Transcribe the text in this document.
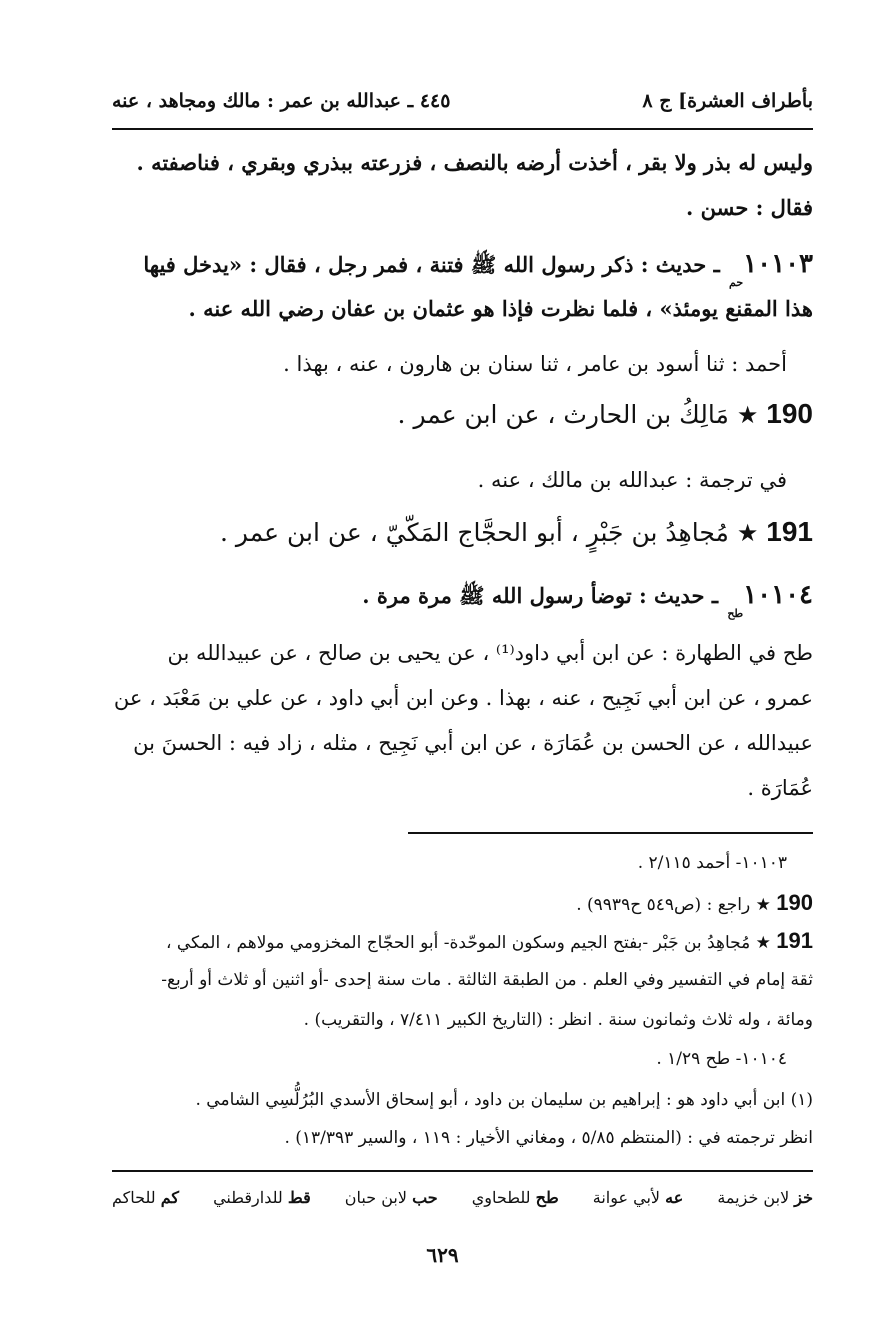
بأطراف العشرة] ج ٨
٤٤٥ ـ عبدالله بن عمر : مالك ومجاهد ، عنه
وليس له بذر ولا بقر ، أخذت أرضه بالنصف ، فزرعته ببذري وبقري ، فناصفته .
فقال : حسن .
١٠١٠٣حم ـ حديث : ذكر رسول الله ﷺ فتنة ، فمر رجل ، فقال : «يدخل فيها
هذا المقنع يومئذ» ، فلما نظرت فإذا هو عثمان بن عفان رضي الله عنه .
أحمد : ثنا أسود بن عامر ، ثنا سنان بن هارون ، عنه ، بهذا .
190 ★ مَالِكُ بن الحارث ، عن ابن عمر .
في ترجمة : عبدالله بن مالك ، عنه .
191 ★ مُجاهِدُ بن جَبْرٍ ، أبو الحجَّاج المَكّيّ ، عن ابن عمر .
١٠١٠٤طح ـ حديث : توضأ رسول الله ﷺ مرة مرة .
طح في الطهارة : عن ابن أبي داود⁽¹⁾ ، عن يحيى بن صالح ، عن عبيدالله بن
عمرو ، عن ابن أبي نَجِيح ، عنه ، بهذا . وعن ابن أبي داود ، عن علي بن مَعْبَد ، عن
عبيدالله ، عن الحسن بن عُمَارَة ، عن ابن أبي نَجِيح ، مثله ، زاد فيه : الحسنَ بن
عُمَارَة .
١٠١٠٣- أحمد ٢/١١٥ .
190 ★ راجع : (ص٥٤٩ ح٩٩٣٩) .
191 ★ مُجاهِدُ بن جَبْر -بفتح الجيم وسكون الموحّدة- أبو الحجّاج المخزومي مولاهم ، المكي ،
ثقة إمام في التفسير وفي العلم . من الطبقة الثالثة . مات سنة إحدى -أو اثنين أو ثلاث أو أربع-
ومائة ، وله ثلاث وثمانون سنة . انظر : (التاريخ الكبير ٧/٤١١ ، والتقريب) .
١٠١٠٤- طح ١/٢٩ .
(١) ابن أبي داود هو : إبراهيم بن سليمان بن داود ، أبو إسحاق الأسدي البُرُلُّسِي الشامي .
انظر ترجمته في : (المنتظم ٥/٨٥ ، ومغاني الأخيار : ١١٩ ، والسير ١٣/٣٩٣) .
خز لابن خزيمة
عه لأبي عوانة
طح للطحاوي
حب لابن حبان
قط للدارقطني
كم للحاكم
٦٢٩
